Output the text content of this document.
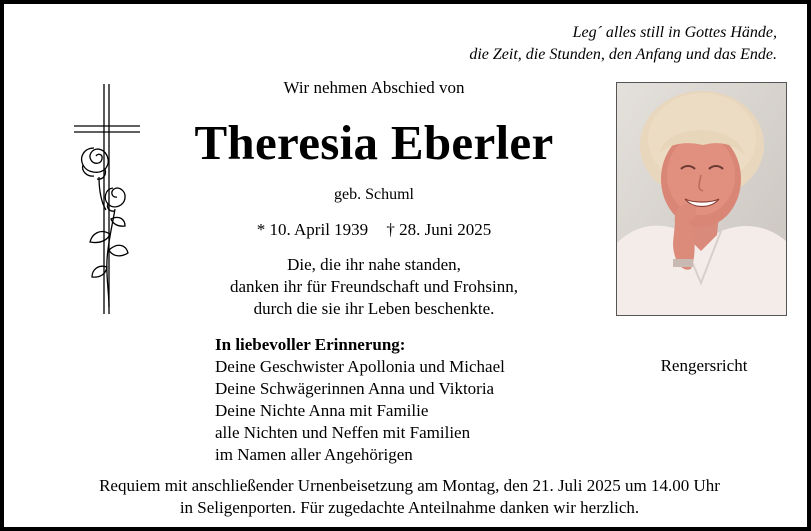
Leg´ alles still in Gottes Hände,
die Zeit, die Stunden, den Anfang und das Ende.
Wir nehmen Abschied von
Theresia Eberler
geb. Schuml
* 10. April 1939 † 28. Juni 2025
Die, die ihr nahe standen,
danken ihr für Freundschaft und Frohsinn,
durch die sie ihr Leben beschenkte.
In liebevoller Erinnerung:
Deine Geschwister Apollonia und Michael
Deine Schwägerinnen Anna und Viktoria
Deine Nichte Anna mit Familie
alle Nichten und Neffen mit Familien
im Namen aller Angehörigen
Rengersricht
Requiem mit anschließender Urnenbeisetzung am Montag, den 21. Juli 2025 um 14.00 Uhr
in Seligenporten. Für zugedachte Anteilnahme danken wir herzlich.
